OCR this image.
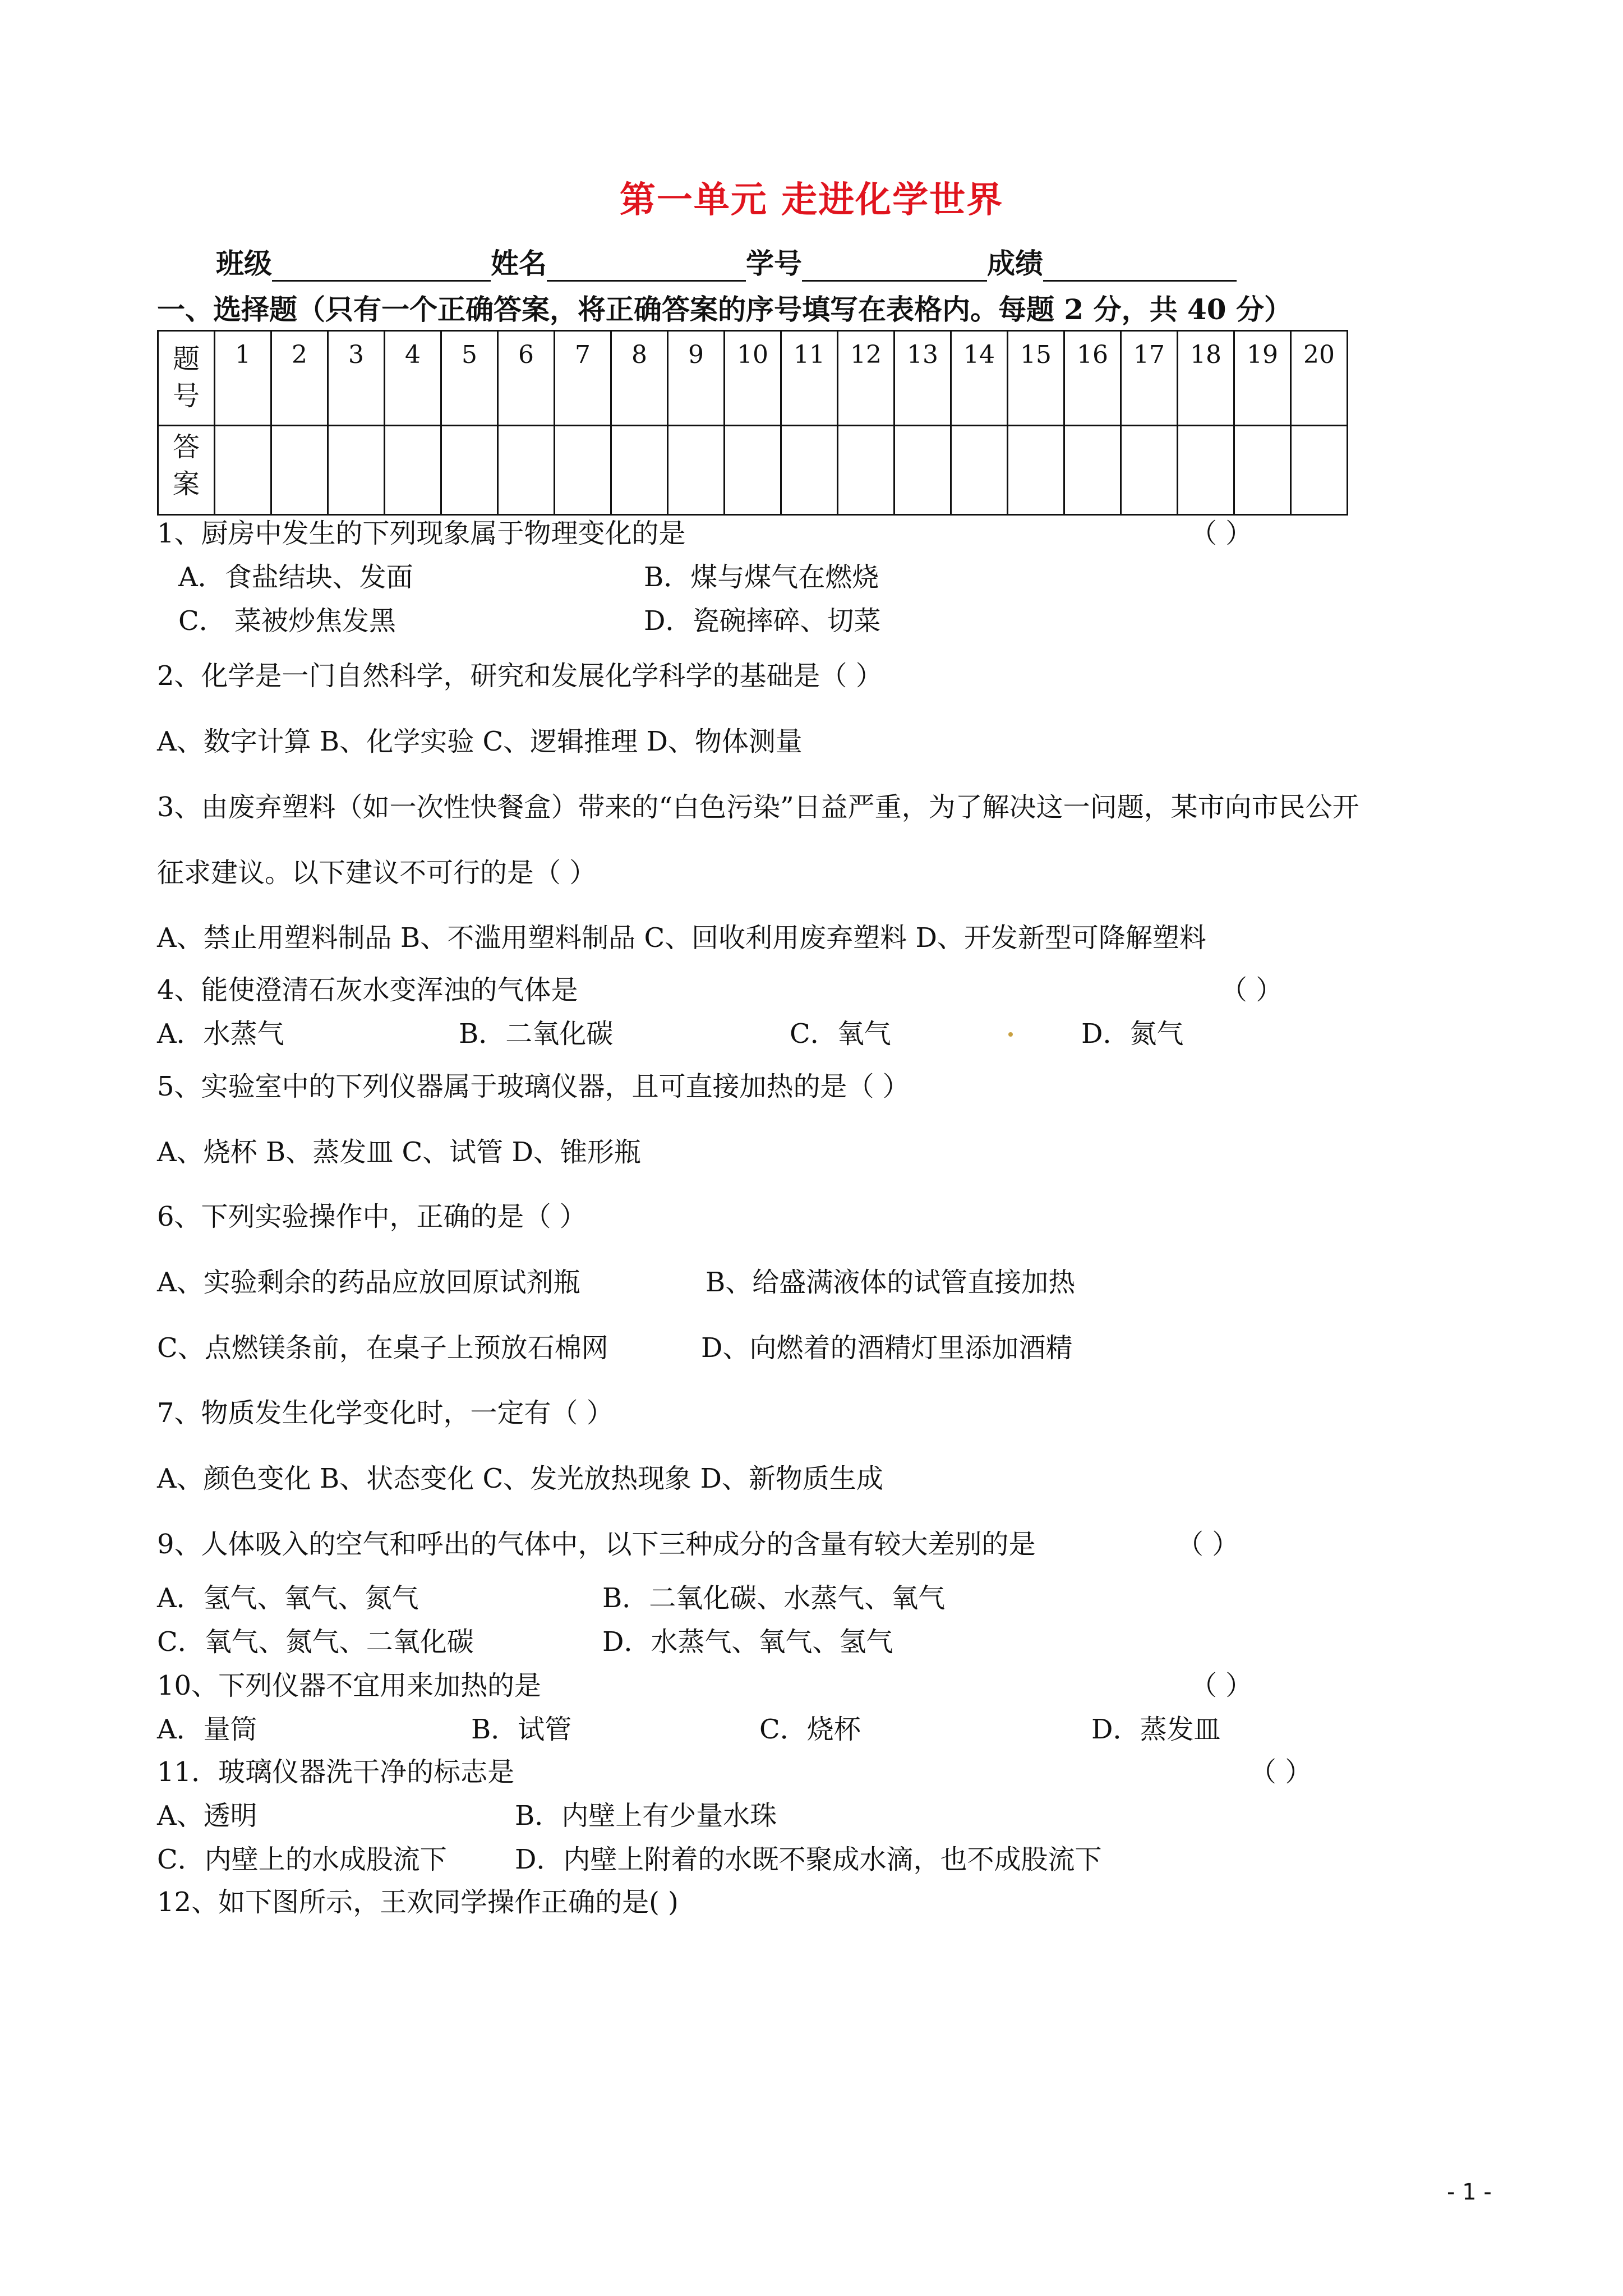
第一单元 走进化学世界
班级	姓名	学号	成绩
一、选择题（只有一个正确答案，将正确答案的序号填写在表格内。每题 2 分，共 40 分）
题
号	1	2	3	4	5	6	7	8	9	10	11	12	13	14	15	16	17	18	19	20
答
案																				
1、厨房中发生的下列现象属于物理变化的是	（ ）
A．食盐结块、发面	B．煤与煤气在燃烧
C． 菜被炒焦发黑	D．瓷碗摔碎、切菜
2、化学是一门自然科学，研究和发展化学科学的基础是（ ）
A、数字计算 B、化学实验 C、逻辑推理 D、物体测量
3、由废弃塑料（如一次性快餐盒）带来的“白色污染”日益严重，为了解决这一问题，某市向市民公开
征求建议。以下建议不可行的是（ ）
A、禁止用塑料制品 B、不滥用塑料制品 C、回收利用废弃塑料 D、开发新型可降解塑料
4、能使澄清石灰水变浑浊的气体是	（ ）
A．水蒸气	B．二氧化碳	C．氧气	D．氮气
5、实验室中的下列仪器属于玻璃仪器，且可直接加热的是（ ）
A、烧杯 B、蒸发皿 C、试管 D、锥形瓶
6、下列实验操作中，正确的是（ ）
A、实验剩余的药品应放回原试剂瓶	B、给盛满液体的试管直接加热
C、点燃镁条前，在桌子上预放石棉网	D、向燃着的酒精灯里添加酒精
7、物质发生化学变化时，一定有（ ）
A、颜色变化 B、状态变化 C、发光放热现象 D、新物质生成
9、人体吸入的空气和呼出的气体中，以下三种成分的含量有较大差别的是	（ ）
A．氢气、氧气、氮气	B．二氧化碳、水蒸气、氧气
C．氧气、氮气、二氧化碳	D．水蒸气、氧气、氢气
10、下列仪器不宜用来加热的是	（ ）
A．量筒	B．试管	C．烧杯	D．蒸发皿
11．玻璃仪器洗干净的标志是	（ ）
A、透明	B．内壁上有少量水珠
C．内壁上的水成股流下	D．内壁上附着的水既不聚成水滴，也不成股流下
12、如下图所示，王欢同学操作正确的是( )
- 1 -
